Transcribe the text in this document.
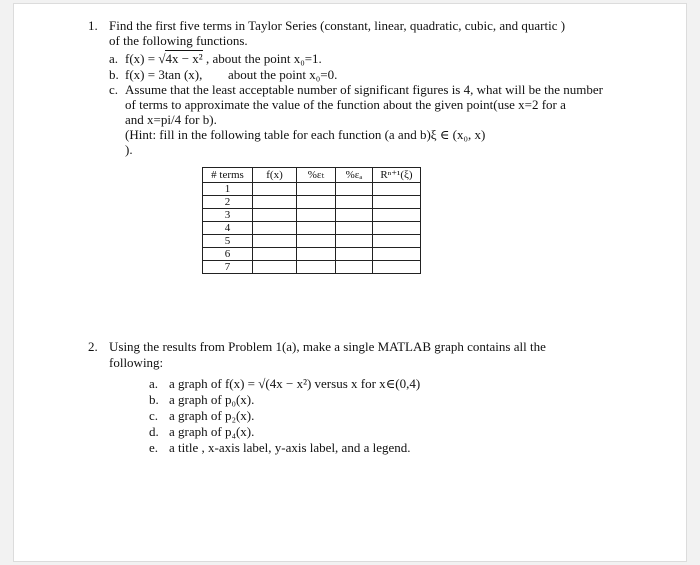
1. Find the first five terms in Taylor Series (constant, linear, quadratic, cubic, and quartic )
of the following functions.
a. f(x) = √4x − x² , about the point x₀=1.
b. f(x) = 3tan (x), about the point x₀=0.
c. Assume that the least acceptable number of significant figures is 4, what will be the number
of terms to approximate the value of the function about the given point(use x=2 for a
and x=pi/4 for b).
(Hint: fill in the following table for each function (a and b)ξ ∈ (x₀, x)
).
# terms	f(x)	%εₜ	%εₐ	Rⁿ⁺¹(ξ)
1				
2				
3				
4				
5				
6				
7				
2. Using the results from Problem 1(a), make a single MATLAB graph contains all the
following:
a. a graph of f(x) = √(4x − x²) versus x for x∈(0,4)
b. a graph of p₀(x).
c. a graph of p₂(x).
d. a graph of p₄(x).
e. a title , x-axis label, y-axis label, and a legend.
